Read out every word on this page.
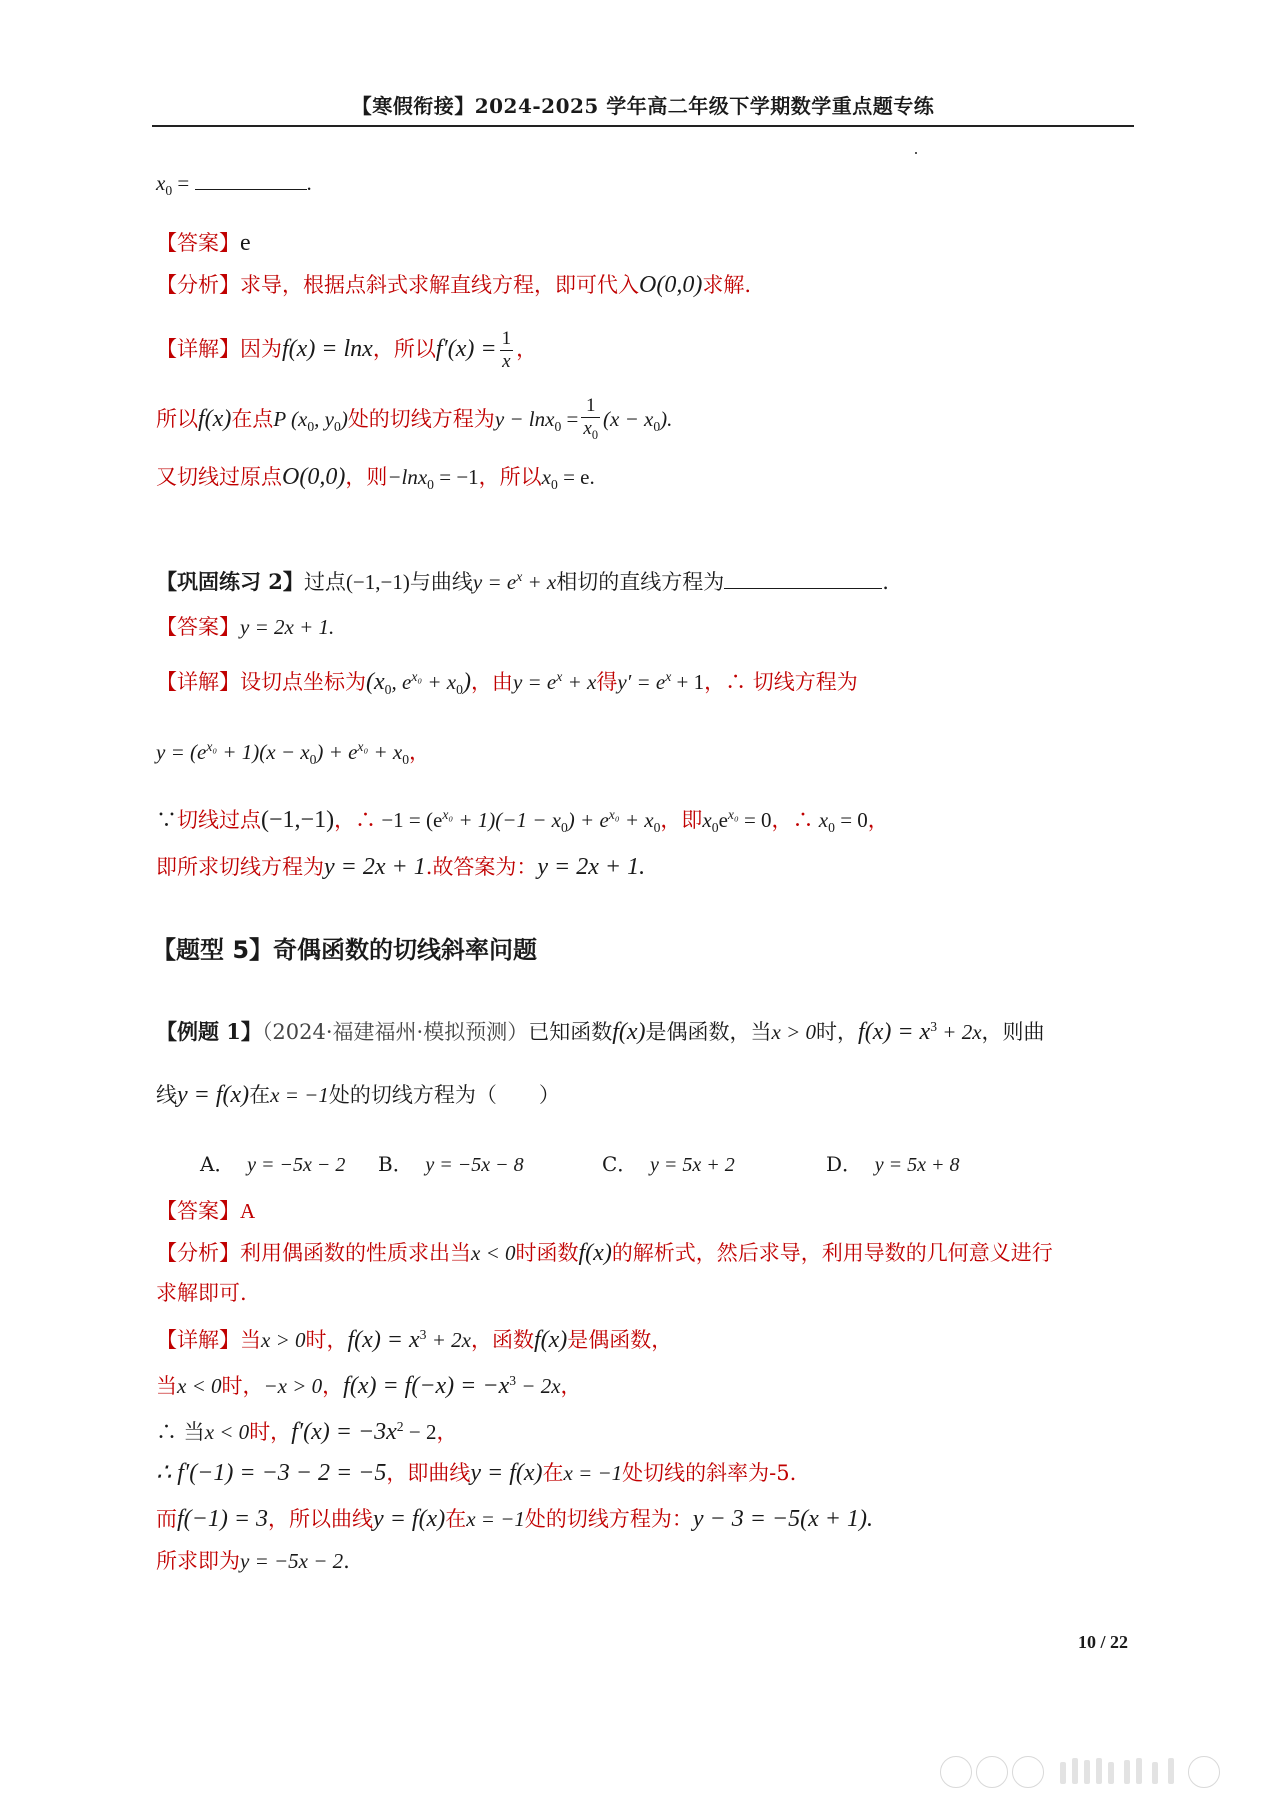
【寒假衔接】2024-2025 学年高二年级下学期数学重点题专练
$x_0$ =	.
【答案】e
【分析】求导，根据点斜式求解直线方程，即可代入O(0,0)求解.
【详解】因为f(x) = lnx，所以$f'(x) = \frac{1}{x}$ ，
所以f(x)在点P ($x_0$, $y_0$)处的切线方程为$y - \ln x_0 = \frac{1}{x_0} (x - x_0)$.
又切线过原点O(0,0)，则−lnx$_0$ = −1，所以$x_0 = e$.
【巩固练习 2】过点(−1,−1)与曲线$y = e^x + x$相切的直线方程为	.
【答案】y = 2x + 1.
【详解】设切点坐标为($x_0$, $e^{x_0} + x_0$)，由$y = e^x + x$得$y' = e^x + 1$，∴ 切线方程为
$y = (e^{x_0} + 1)(x - x_0) + e^{x_0} + x_0$，
∵切线过点(−1,−1)，∴ $-1 = (e^{x_0} + 1)(-1 - x_0) + e^{x_0} + x_0$，即$x_0e^{x_0} = 0$，∴ $x_0 = 0$，
即所求切线方程为y = 2x + 1.故答案为：y = 2x + 1.
【题型 5】奇偶函数的切线斜率问题
【例题 1】（2024·福建福州·模拟预测）已知函数f(x)是偶函数，当x > 0时，$f(x) = x^3 + 2x$，则曲
线y = f(x)在x = −1处的切线方程为（　　）
A． y = −5x − 2 B． y = −5x − 8	C． y = 5x + 2	D． y = 5x + 8
【答案】A
【分析】利用偶函数的性质求出当x < 0时函数f(x)的解析式，然后求导，利用导数的几何意义进行
求解即可.
【详解】当x > 0时，$f(x) = x^3 + 2x$，函数f(x)是偶函数，
当x < 0时，−x > 0，$f(x) = f(-x) = -x^3 - 2x$，
∴ 当x < 0时，$f'(x) = -3x^2 - 2$，
∴ f′(−1) = −3 − 2 = −5，即曲线y = f(x)在x = −1处切线的斜率为-5.
而f(−1) = 3，所以曲线y = f(x)在x = −1处的切线方程为：y − 3 = −5(x + 1).
所求即为y = −5x − 2.
10 / 22
